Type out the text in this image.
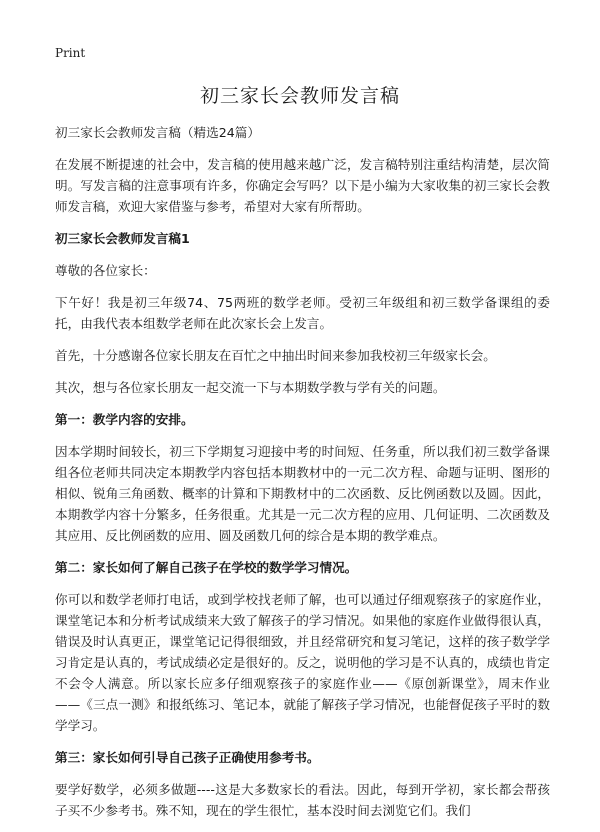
Print
初三家长会教师发言稿

初三家长会教师发言稿（精选24篇）

在发展不断提速的社会中，发言稿的使用越来越广泛，发言稿特别注重结构清楚，层次简明。写发言稿的注意事项有许多，你确定会写吗？以下是小编为大家收集的初三家长会教师发言稿，欢迎大家借鉴与参考，希望对大家有所帮助。

初三家长会教师发言稿1

尊敬的各位家长：

下午好！我是初三年级74、75两班的数学老师。受初三年级组和初三数学备课组的委托，由我代表本组数学老师在此次家长会上发言。

首先，十分感谢各位家长朋友在百忙之中抽出时间来参加我校初三年级家长会。

其次，想与各位家长朋友一起交流一下与本期数学教与学有关的问题。

第一：教学内容的安排。

因本学期时间较长，初三下学期复习迎接中考的时间短、任务重，所以我们初三数学备课组各位老师共同决定本期教学内容包括本期教材中的一元二次方程、命题与证明、图形的相似、锐角三角函数、概率的计算和下期教材中的二次函数、反比例函数以及圆。因此，本期教学内容十分繁多，任务很重。尤其是一元二次方程的应用、几何证明、二次函数及其应用、反比例函数的应用、圆及函数几何的综合是本期的教学难点。

第二：家长如何了解自己孩子在学校的数学学习情况。

你可以和数学老师打电话，或到学校找老师了解，也可以通过仔细观察孩子的家庭作业，课堂笔记本和分析考试成绩来大致了解孩子的学习情况。如果他的家庭作业做得很认真，错误及时认真更正，课堂笔记记得很细致，并且经常研究和复习笔记，这样的孩子数学学习肯定是认真的，考试成绩必定是很好的。反之，说明他的学习是不认真的，成绩也肯定不会令人满意。所以家长应多仔细观察孩子的家庭作业——《原创新课堂》，周末作业——《三点一测》和报纸练习、笔记本，就能了解孩子学习情况，也能督促孩子平时的数学学习。

第三：家长如何引导自己孩子正确使用参考书。

要学好数学，必须多做题----这是大多数家长的看法。因此，每到开学初，家长都会帮孩子买不少参考书。殊不知，现在的学生很忙，基本没时间去浏览它们。我们
